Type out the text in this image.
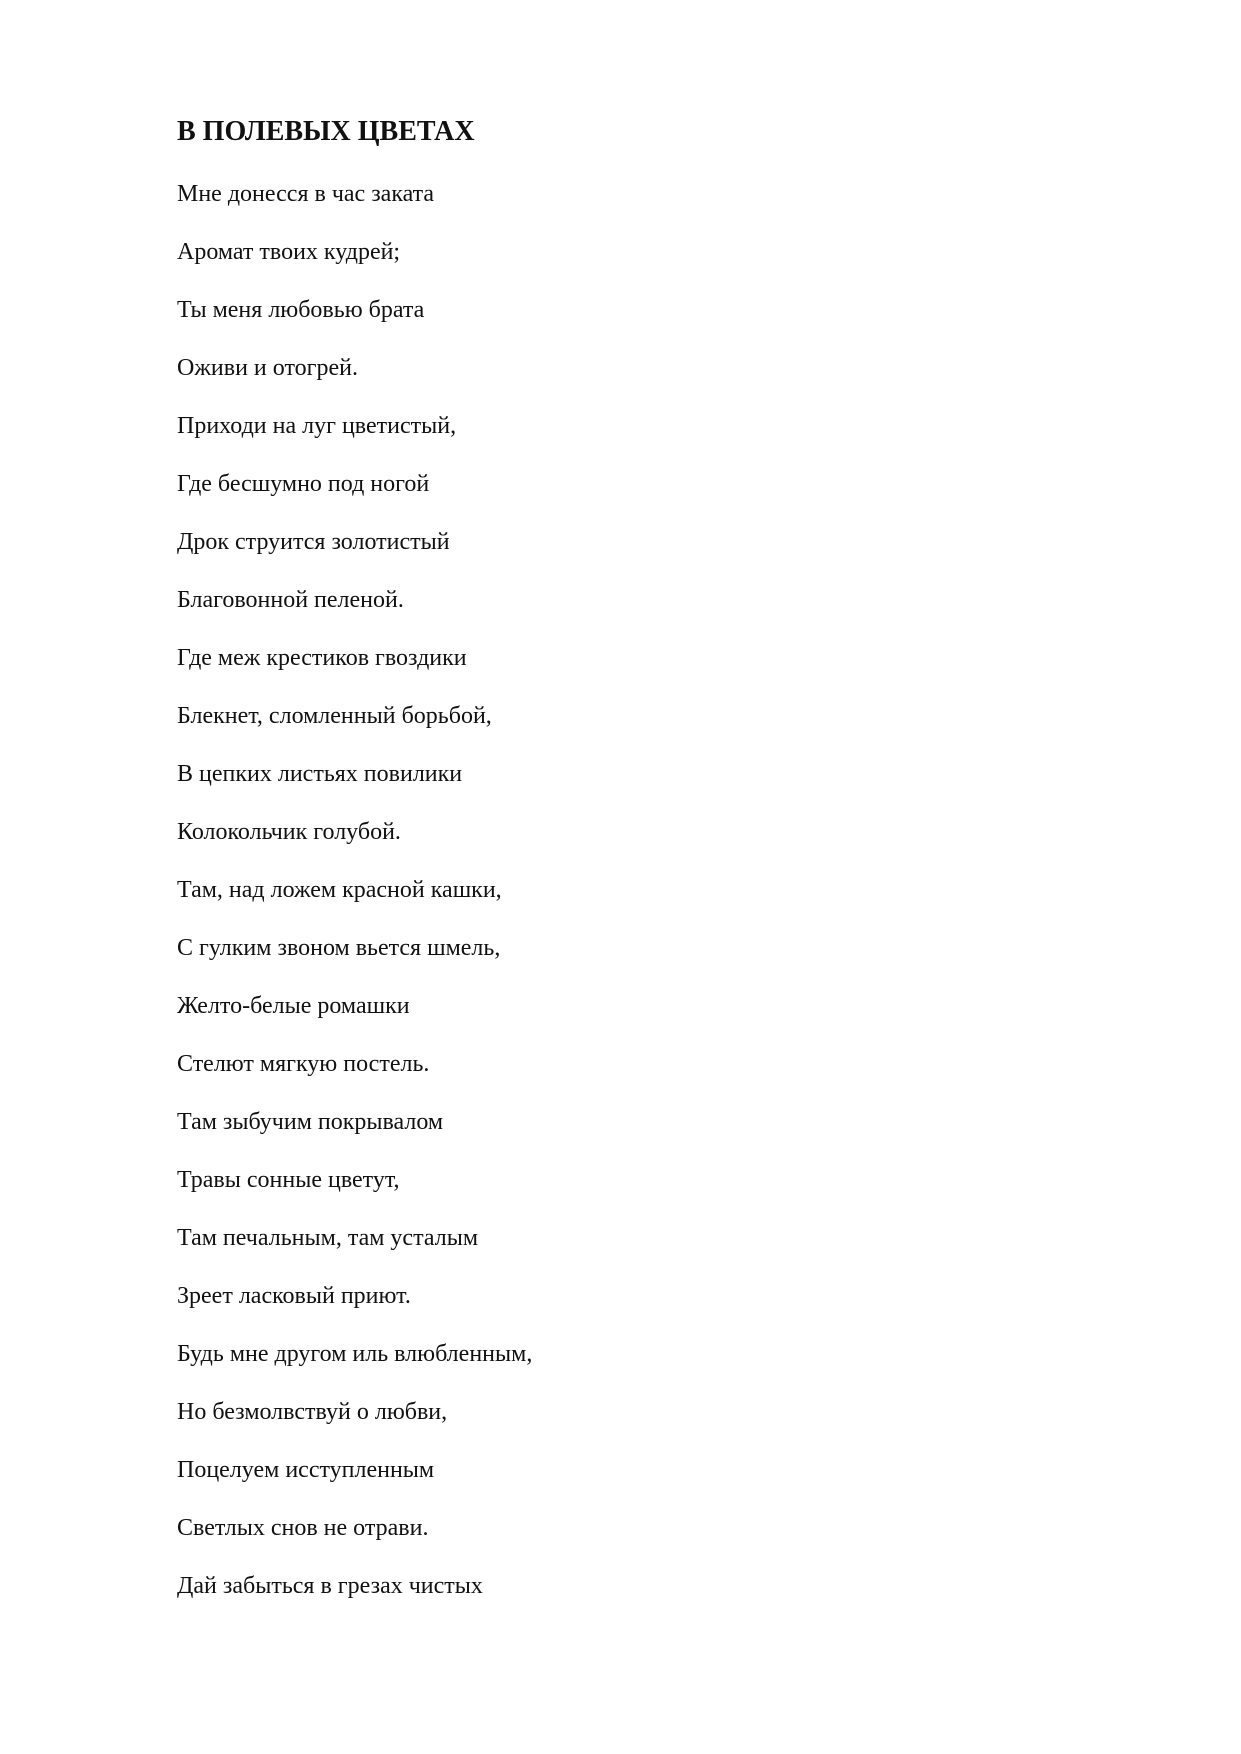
В ПОЛЕВЫХ ЦВЕТАХ
Мне донесся в час заката
Аромат твоих кудрей;
Ты меня любовью брата
Оживи и отогрей.
Приходи на луг цветистый,
Где бесшумно под ногой
Дрок струится золотистый
Благовонной пеленой.
Где меж крестиков гвоздики
Блекнет, сломленный борьбой,
В цепких листьях повилики
Колокольчик голубой.
Там, над ложем красной кашки,
С гулким звоном вьется шмель,
Желто-белые ромашки
Стелют мягкую постель.
Там зыбучим покрывалом
Травы сонные цветут,
Там печальным, там усталым
Зреет ласковый приют.
Будь мне другом иль влюбленным,
Но безмолвствуй о любви,
Поцелуем исступленным
Светлых снов не отрави.
Дай забыться в грезах чистых
